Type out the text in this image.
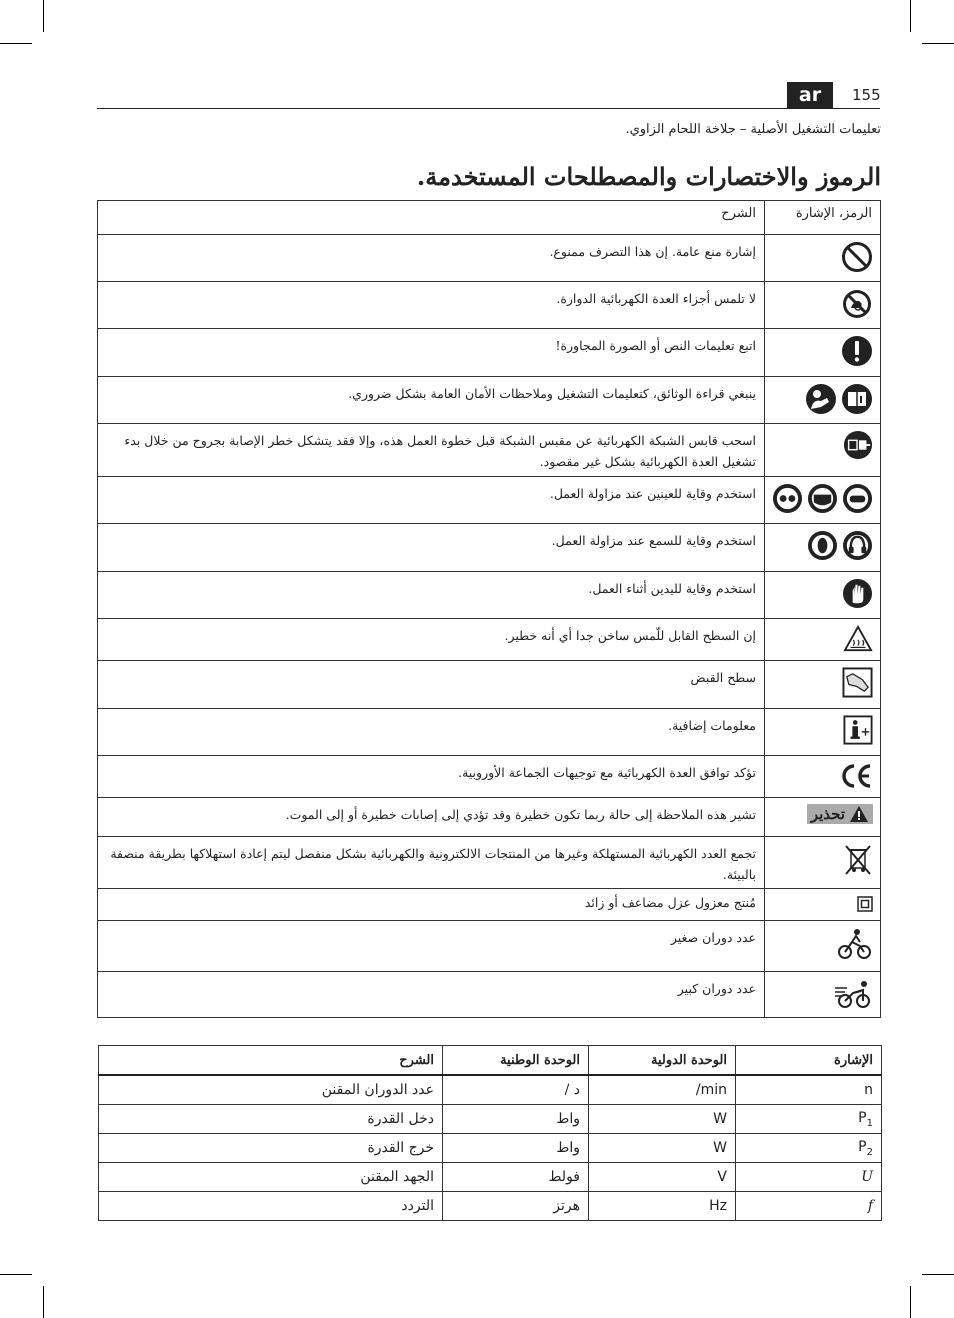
ar	155
تعليمات التشغيل الأصلية – جلاخة اللحام الزاوي.
الرموز والاختصارات والمصطلحات المستخدمة.
الشرح	الرمز، الإشارة
إشارة منع عامة. إن هذا التصرف ممنوع.	

لا تلمس أجزاء العدة الكهربائية الدوارة.	

اتبع تعليمات النص أو الصورة المجاورة!	

ينبغي قراءة الوثائق، كتعليمات التشغيل وملاحظات الأمان العامة بشكل ضروري.	

اسحب قابس الشبكة الكهربائية عن مقبس الشبكة قبل خطوة العمل هذه، وإلا فقد يتشكل خطر الإصابة بجروح من خلال بدء تشغيل العدة الكهربائية بشكل غير مقصود.	

استخدم وقاية للعينين عند مزاولة العمل.	

استخدم وقاية للسمع عند مزاولة العمل.	

استخدم وقاية لليدين أثناء العمل.	

إن السطح القابل للّمس ساخن جدا أي أنه خطير.	

سطح القبض	

معلومات إضافية.	

تؤكد توافق العدة الكهربائية مع توجيهات الجماعة الأوروبية.	

تشير هذه الملاحظة إلى حالة ربما تكون خطيرة وقد تؤدي إلى إصابات خطيرة أو إلى الموت.	تحذير

تجمع العدد الكهربائية المستهلكة وغيرها من المنتجات الالكترونية والكهربائية بشكل منفصل ليتم إعادة استهلاكها بطريقة منصفة بالبيئة.	

مُنتج معزول عزل مضاعف أو زائد	

عدد دوران صغير	

عدد دوران كبير	
الشرح	الوحدة الوطنية	الوحدة الدولية	الإشارة
عدد الدوران المقنن	د /	/min	n
دخل القدرة	واط	W	$P_1$
خرج القدرة	واط	W	$P_2$
الجهد المقنن	فولط	V	U
التردد	هرتز	Hz	f
